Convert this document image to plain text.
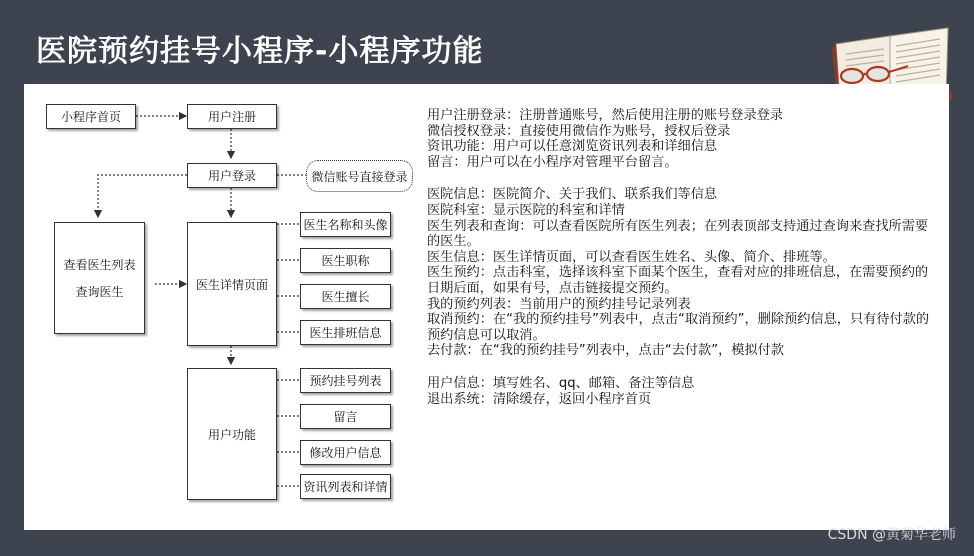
医院预约挂号小程序-小程序功能
小程序首页	用户注册
用户登录	微信账号直接登录
查看医生列表
查询医生
医生详情页面
医生名称和头像
医生职称
医生擅长
医生排班信息
用户功能
预约挂号列表
留言
修改用户信息
资讯列表和详情

用户注册登录：注册普通账号，然后使用注册的账号登录登录

微信授权登录：直接使用微信作为账号，授权后登录

资讯功能：用户可以任意浏览资讯列表和详细信息

留言：用户可以在小程序对管理平台留言。

医院信息：医院简介、关于我们、联系我们等信息

医院科室：显示医院的科室和详情

医生列表和查询：可以查看医院所有医生列表；在列表顶部支持通过查询来查找所需要的医生。

医生信息：医生详情页面，可以查看医生姓名、头像、简介、排班等。

医生预约：点击科室，选择该科室下面某个医生，查看对应的排班信息，在需要预约的日期后面，如果有号，点击链接提交预约。

我的预约列表：当前用户的预约挂号记录列表

取消预约：在“我的预约挂号”列表中，点击“取消预约”，删除预约信息，只有待付款的预约信息可以取消。

去付款：在“我的预约挂号”列表中，点击“去付款”，模拟付款

用户信息：填写姓名、qq、邮箱、备注等信息

退出系统：清除缓存，返回小程序首页

CSDN @黄菊华老师
